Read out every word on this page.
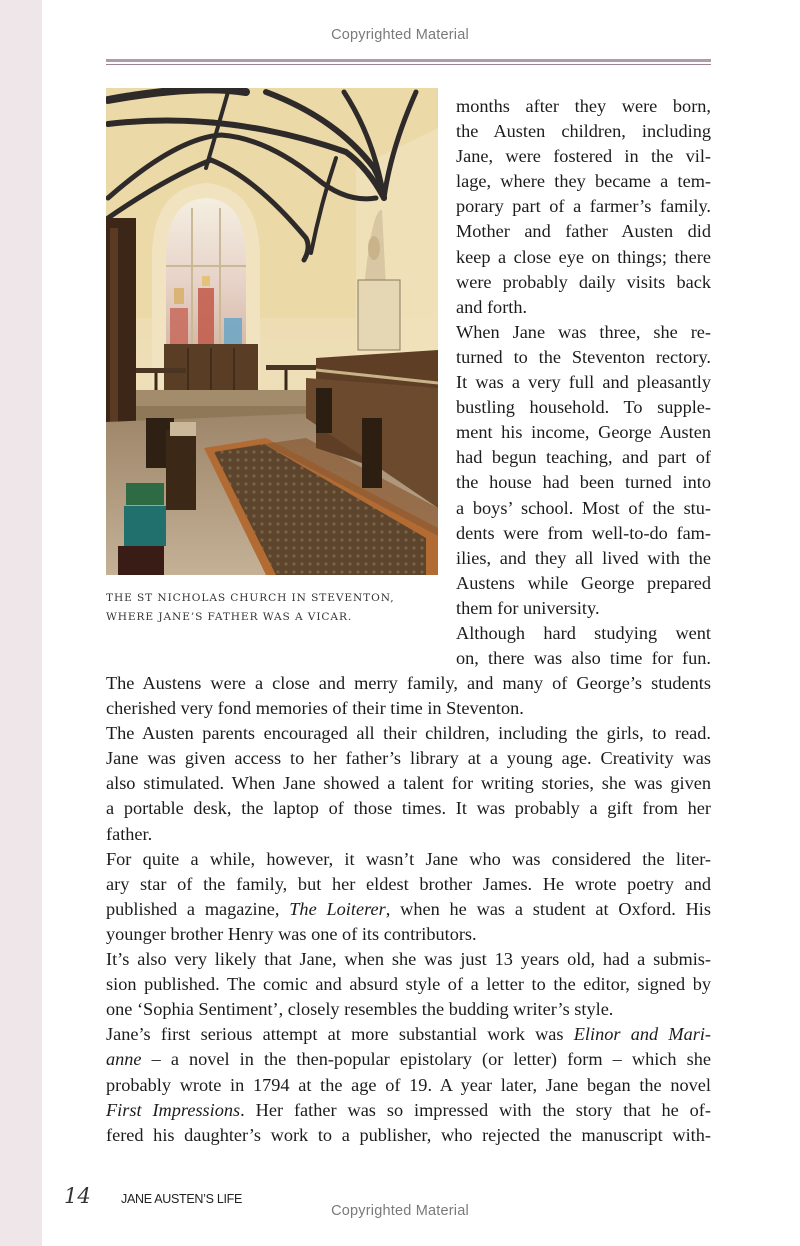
Copyrighted Material
THE ST NICHOLAS CHURCH IN STEVENTON,
WHERE JANE’S FATHER WAS A VICAR.
months after they were born,
the Austen children, including
Jane, were fostered in the vil-
lage, where they became a tem-
porary part of a farmer’s family.
Mother and father Austen did
keep a close eye on things; there
were probably daily visits back
and forth.
When Jane was three, she re-
turned to the Steventon rectory.
It was a very full and pleasantly
bustling household. To supple-
ment his income, George Austen
had begun teaching, and part of
the house had been turned into
a boys’ school. Most of the stu-
dents were from well-to-do fam-
ilies, and they all lived with the
Austens while George prepared
them for university.
Although hard studying went
on, there was also time for fun.
The Austens were a close and merry family, and many of George’s students
cherished very fond memories of their time in Steventon.
The Austen parents encouraged all their children, including the girls, to read.
Jane was given access to her father’s library at a young age. Creativity was
also stimulated. When Jane showed a talent for writing stories, she was given
a portable desk, the laptop of those times. It was probably a gift from her
father.
For quite a while, however, it wasn’t Jane who was considered the liter-
ary star of the family, but her eldest brother James. He wrote poetry and
published a magazine, The Loiterer, when he was a student at Oxford. His
younger brother Henry was one of its contributors.
It’s also very likely that Jane, when she was just 13 years old, had a submis-
sion published. The comic and absurd style of a letter to the editor, signed by
one ‘Sophia Sentiment’, closely resembles the budding writer’s style.
Jane’s first serious attempt at more substantial work was Elinor and Mari-
anne – a novel in the then-popular epistolary (or letter) form – which she
probably wrote in 1794 at the age of 19. A year later, Jane began the novel
First Impressions. Her father was so impressed with the story that he of-
fered his daughter’s work to a publisher, who rejected the manuscript with-
JANE AUSTEN’S LIFE
14
Copyrighted Material
